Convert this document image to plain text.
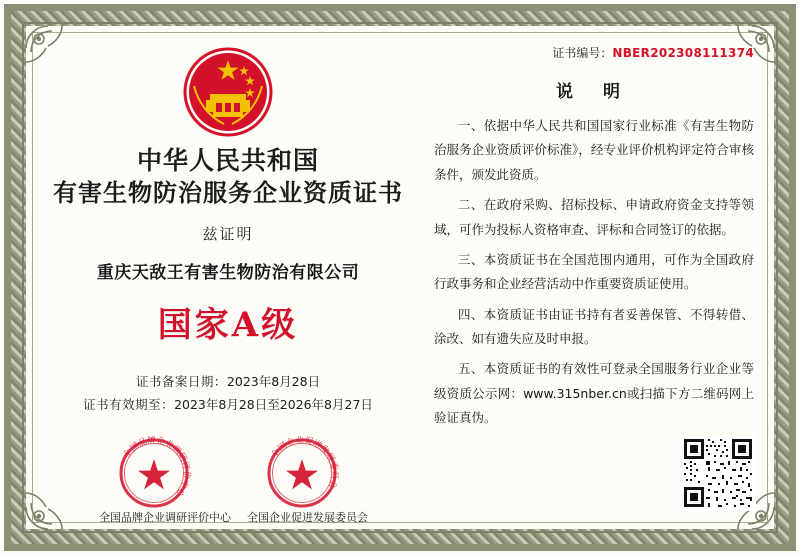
中华人民共和国
有害生物防治服务企业资质证书
兹证明
重庆天敌王有害生物防治有限公司
国家A级
证书备案日期：2023年8月28日
证书有效期至：2023年8月28日至2026年8月27日
全国品牌企业调研评价中心
全国品牌企业调研评价中心
全国企业促进发展委员会
全国企业促进发展委员会
证书编号：NBER202308111374
说 明
一、依据中华人民共和国国家行业标准《有害生物防治服务企业资质评价标准》，经专业评价机构评定符合审核条件，颁发此资质。
二、在政府采购、招标投标、申请政府资金支持等领域，可作为投标人资格审查、评标和合同签订的依据。
三、本资质证书在全国范围内通用，可作为全国政府行政事务和企业经营活动中作重要资质证使用。
四、本资质证书由证书持有者妥善保管、不得转借、涂改、如有遗失应及时申报。
五、本资质证书的有效性可登录全国服务行业企业等级资质公示网：www.315nber.cn或扫描下方二维码网上验证真伪。
